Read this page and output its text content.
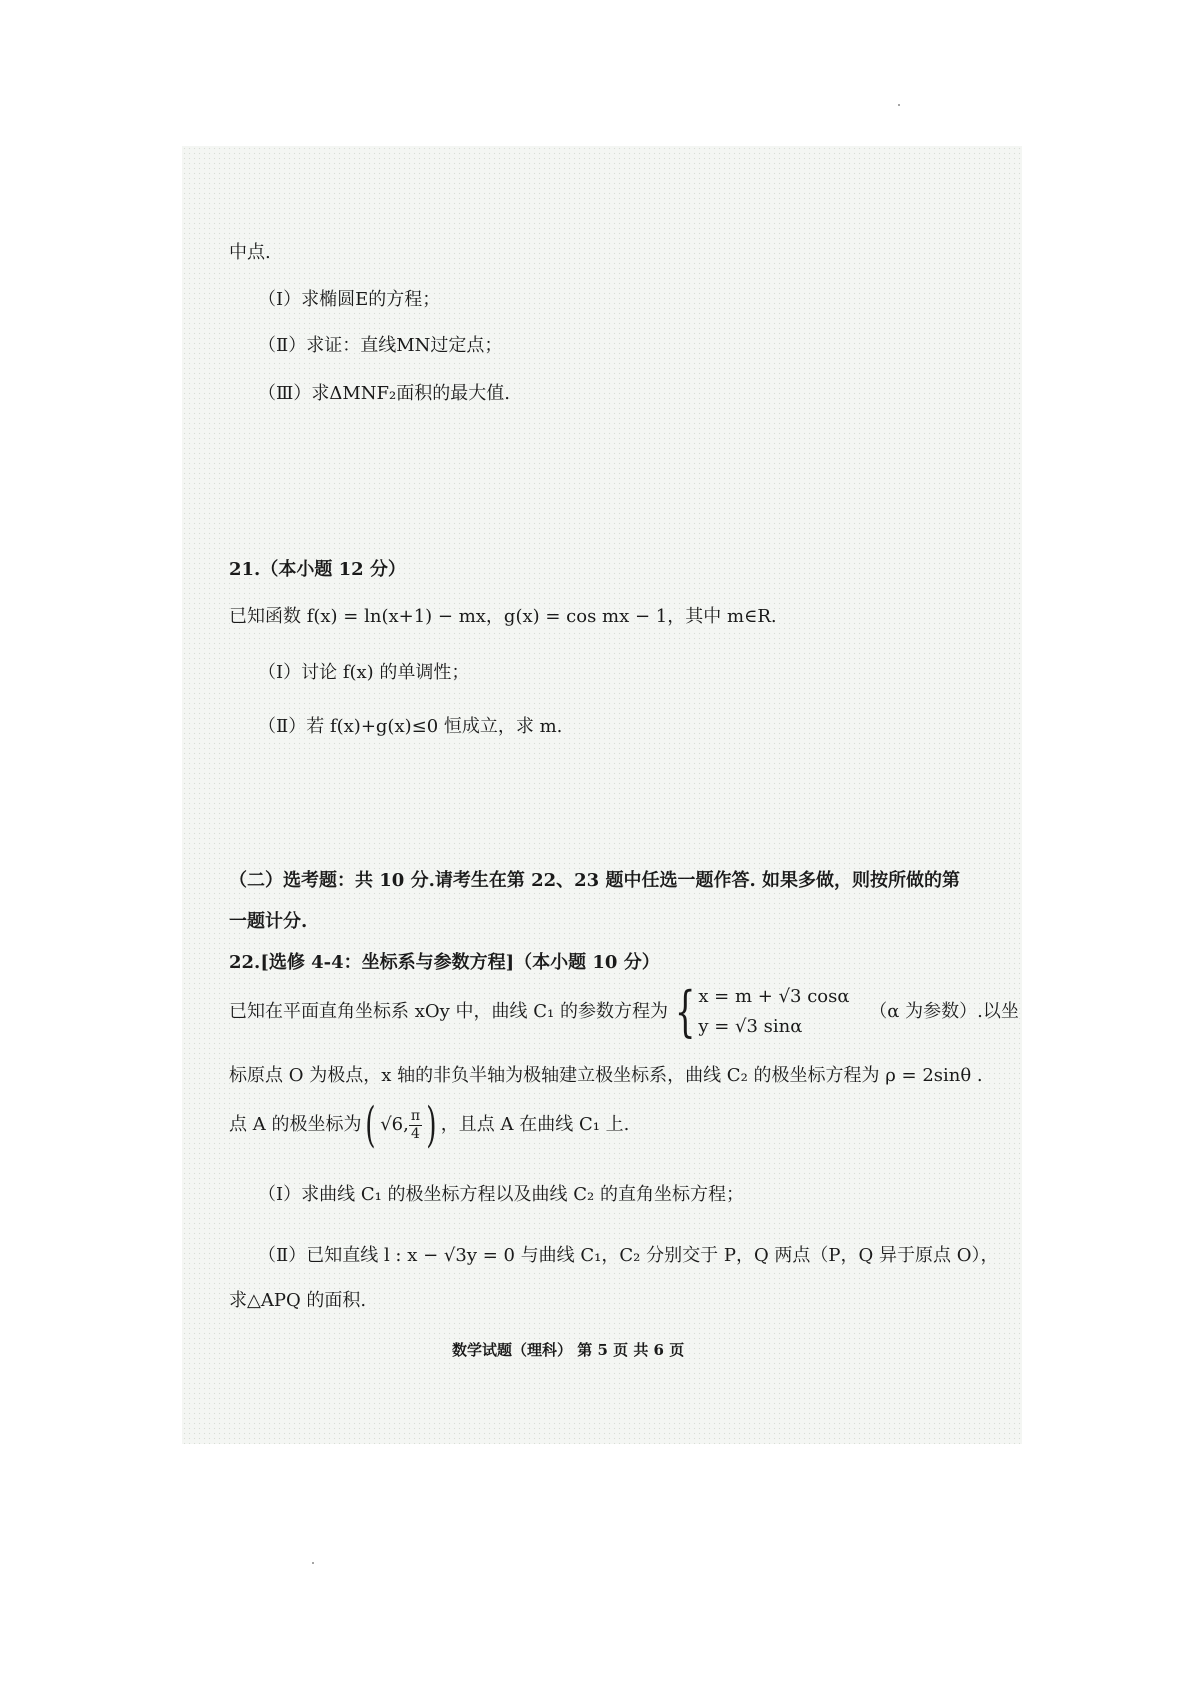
中点.
（Ⅰ）求椭圆E的方程；
（Ⅱ）求证：直线MN过定点；
（Ⅲ）求ΔMNF₂面积的最大值.
21.（本小题 12 分）
已知函数 f(x) = ln(x+1) − mx，g(x) = cos mx − 1，其中 m∈R.
（Ⅰ）讨论 f(x) 的单调性；
（Ⅱ）若 f(x)+g(x)≤0 恒成立，求 m.
（二）选考题：共 10 分.请考生在第 22、23 题中任选一题作答. 如果多做，则按所做的第
一题计分.
22.[选修 4-4：坐标系与参数方程]（本小题 10 分）
已知在平面直角坐标系 xOy 中，曲线 C₁ 的参数方程为 { x = m + √3 cosα
y = √3 sinα
（α 为参数）.以坐
标原点 O 为极点，x 轴的非负半轴为极轴建立极坐标系，曲线 C₂ 的极坐标方程为 ρ = 2sinθ .
点 A 的极坐标为( √6, $\frac{\pi}{4}$ ) ，且点 A 在曲线 C₁ 上.
（Ⅰ）求曲线 C₁ 的极坐标方程以及曲线 C₂ 的直角坐标方程；
（Ⅱ）已知直线 l : x − √3y = 0 与曲线 C₁，C₂ 分别交于 P，Q 两点（P，Q 异于原点 O），
求△APQ 的面积.
数学试题（理科） 第 5 页 共 6 页
